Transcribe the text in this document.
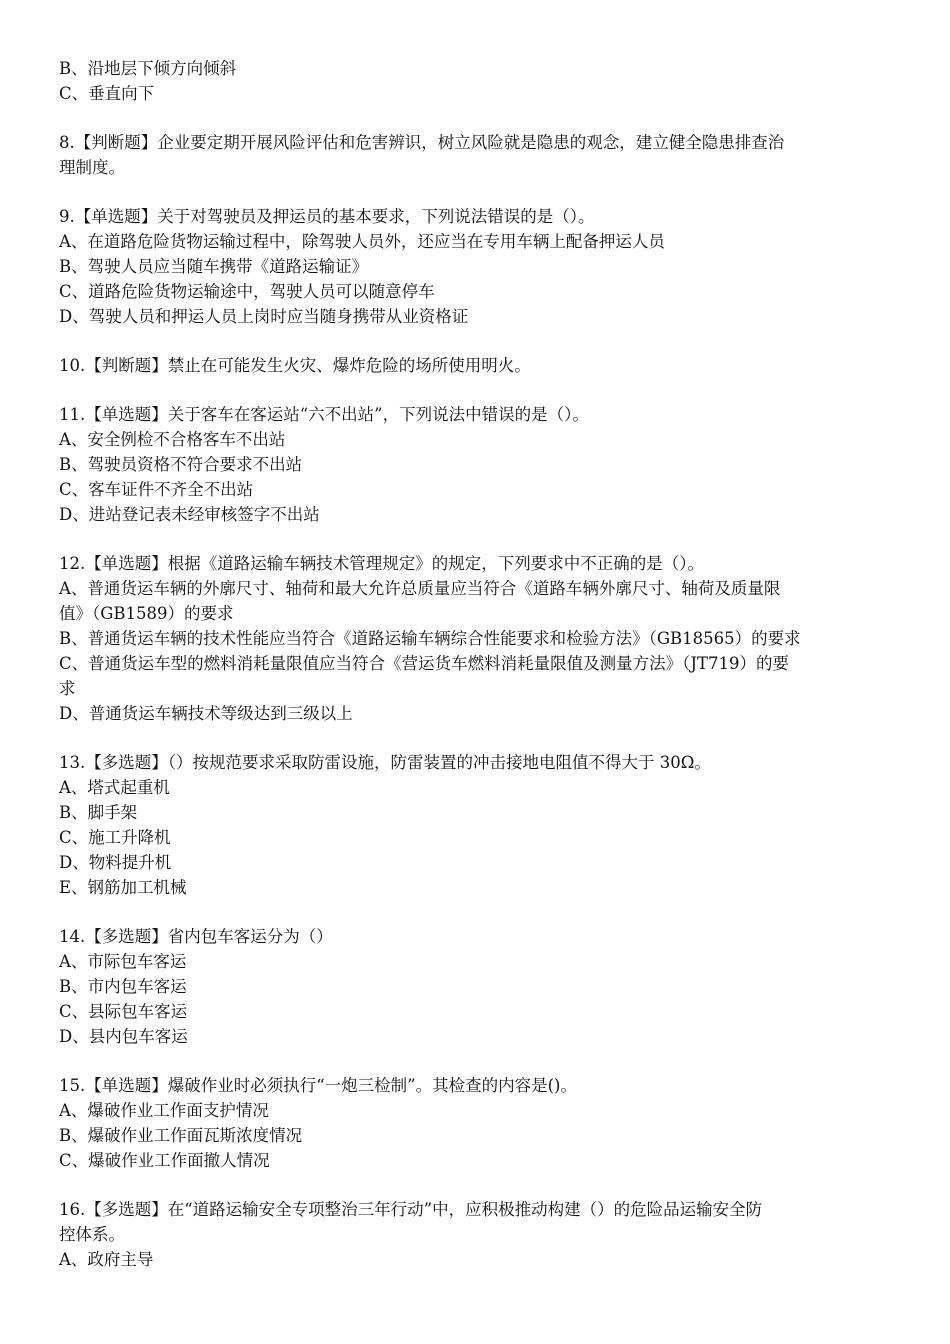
B、沿地层下倾方向倾斜
C、垂直向下
8.【判断题】企业要定期开展风险评估和危害辨识，树立风险就是隐患的观念，建立健全隐患排查治
理制度。
9.【单选题】关于对驾驶员及押运员的基本要求，下列说法错误的是（）。
A、在道路危险货物运输过程中，除驾驶人员外，还应当在专用车辆上配备押运人员
B、驾驶人员应当随车携带《道路运输证》
C、道路危险货物运输途中，驾驶人员可以随意停车
D、驾驶人员和押运人员上岗时应当随身携带从业资格证
10.【判断题】禁止在可能发生火灾、爆炸危险的场所使用明火。
11.【单选题】关于客车在客运站“六不出站”，下列说法中错误的是（）。
A、安全例检不合格客车不出站
B、驾驶员资格不符合要求不出站
C、客车证件不齐全不出站
D、进站登记表未经审核签字不出站
12.【单选题】根据《道路运输车辆技术管理规定》的规定，下列要求中不正确的是（）。
A、普通货运车辆的外廓尺寸、轴荷和最大允许总质量应当符合《道路车辆外廓尺寸、轴荷及质量限
值》（GB1589）的要求
B、普通货运车辆的技术性能应当符合《道路运输车辆综合性能要求和检验方法》（GB18565）的要求
C、普通货运车型的燃料消耗量限值应当符合《营运货车燃料消耗量限值及测量方法》（JT719）的要
求
D、普通货运车辆技术等级达到三级以上
13.【多选题】（）按规范要求采取防雷设施，防雷装置的冲击接地电阻值不得大于 30Ω。
A、塔式起重机
B、脚手架
C、施工升降机
D、物料提升机
E、钢筋加工机械
14.【多选题】省内包车客运分为（）
A、市际包车客运
B、市内包车客运
C、县际包车客运
D、县内包车客运
15.【单选题】爆破作业时必须执行“一炮三检制”。其检查的内容是()。
A、爆破作业工作面支护情况
B、爆破作业工作面瓦斯浓度情况
C、爆破作业工作面撤人情况
16.【多选题】在“道路运输安全专项整治三年行动”中，应积极推动构建（）的危险品运输安全防
控体系。
A、政府主导
